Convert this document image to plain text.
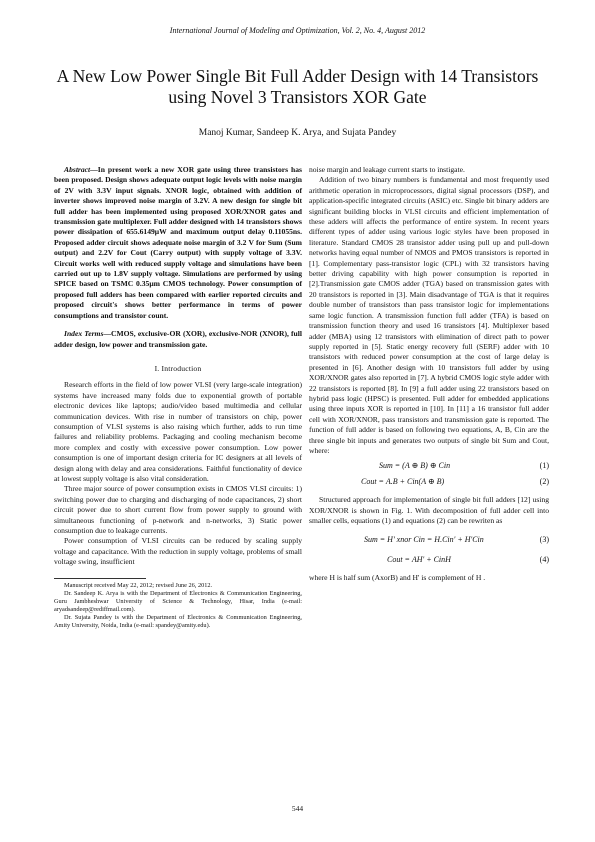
International Journal of Modeling and Optimization, Vol. 2, No. 4, August 2012
A New Low Power Single Bit Full Adder Design with 14 Transistors using Novel 3 Transistors XOR Gate
Manoj Kumar, Sandeep K. Arya, and Sujata Pandey

Abstract—In present work a new XOR gate using three transistors has been proposed. Design shows adequate output logic levels with noise margin of 2V with 3.3V input signals. XNOR logic, obtained with addition of inverter shows improved noise margin of 3.2V. A new design for single bit full adder has been implemented using proposed XOR/XNOR gates and transmission gate multiplexer. Full adder designed with 14 transistors shows power dissipation of 655.6149μW and maximum output delay 0.11055ns. Proposed adder circuit shows adequate noise margin of 3.2 V for Sum (Sum output) and 2.2V for Cout (Carry output) with supply voltage of 3.3V. Circuit works well with reduced supply voltage and simulations have been carried out up to 1.8V supply voltage. Simulations are performed by using SPICE based on TSMC 0.35μm CMOS technology. Power consumption of proposed full adders has been compared with earlier reported circuits and proposed circuit's shows better performance in terms of power consumptions and transistor count.

Index Terms—CMOS, exclusive-OR (XOR), exclusive-NOR (XNOR), full adder design, low power and transmission gate.

I. Introduction

Research efforts in the field of low power VLSI (very large-scale integration) systems have increased many folds due to exponential growth of portable electronic devices like laptops; audio/video based multimedia and cellular communication devices. With rise in number of transistors on chip, power consumption of VLSI systems is also raising which further, adds to run time failures and reliability problems. Packaging and cooling mechanism become more complex and costly with excessive power consumption. Low power consumption is one of important design criteria for IC designers at all levels of design along with delay and area considerations. Faithful functionality of device at lowest supply voltage is also vital consideration.

Three major source of power consumption exists in CMOS VLSI circuits: 1) switching power due to charging and discharging of node capacitances, 2) short circuit power due to short current flow from power supply to ground with simultaneous functioning of p-network and n-networks, 3) Static power consumption due to leakage currents.

Power consumption of VLSI circuits can be reduced by scaling supply voltage and capacitance. With the reduction in supply voltage, problems of small voltage swing, insufficient

Manuscript received May 22, 2012; revised June 26, 2012.

Dr. Sandeep K. Arya is with the Department of Electronics & Communication Engineering, Guru Jambheshwar University of Science & Technology, Hisar, India (e-mail: aryadsandeep@rediffmail.com).

Dr. Sujata Pandey is with the Department of Electronics & Communication Engineering, Amity University, Noida, India (e-mail: spandey@amity.edu).

noise margin and leakage current starts to instigate.

Addition of two binary numbers is fundamental and most frequently used arithmetic operation in microprocessors, digital signal processors (DSP), and application-specific integrated circuits (ASIC) etc. Single bit binary adders are significant building blocks in VLSI circuits and efficient implementation of these adders will affects the performance of entire system. In recent years different types of adder using various logic styles have been proposed in literature. Standard CMOS 28 transistor adder using pull up and pull-down networks having equal number of NMOS and PMOS transistors is reported in [1]. Complementary pass-transistor logic (CPL) with 32 transistors having better driving capability with high power consumption is reported in [2].Transmission gate CMOS adder (TGA) based on transmission gates with 20 transistors is reported in [3]. Main disadvantage of TGA is that it requires double number of transistors than pass transistor logic for implementations same logic function. A transmission function full adder (TFA) is based on transmission function theory and used 16 transistors [4]. Multiplexer based adder (MBA) using 12 transistors with elimination of direct path to power supply reported in [5]. Static energy recovery full (SERF) adder with 10 transistors with reduced power consumption at the cost of large delay is presented in [6]. Another design with 10 transistors full adder by using XOR/XNOR gates also reported in [7]. A hybrid CMOS logic style adder with 22 transistors is reported [8]. In [9] a full adder using 22 transistors based on hybrid pass logic (HPSC) is presented. Full adder for embedded applications using three inputs XOR is reported in [10]. In [11] a 16 transistor full adder cell with XOR/XNOR, pass transistors and transmission gate is reported. The function of full adder is based on following two equations, A, B, Cin are the three single bit inputs and generates two outputs of single bit Sum and Cout, where:

Sum = (A ⊕ B) ⊕ Cin	(1)
Cout = A.B + Cin(A ⊕ B)	(2)

Structured approach for implementation of single bit full adders [12] using XOR/XNOR is shown in Fig. 1. With decomposition of full adder cell into smaller cells, equations (1) and equations (2) can be rewriten as

Sum = H' xnor Cin = H.Cin' + H'Cin	(3)
Cout = AH' + CinH	(4)

where H is half sum (AxorB) and H' is complement of H .

544
